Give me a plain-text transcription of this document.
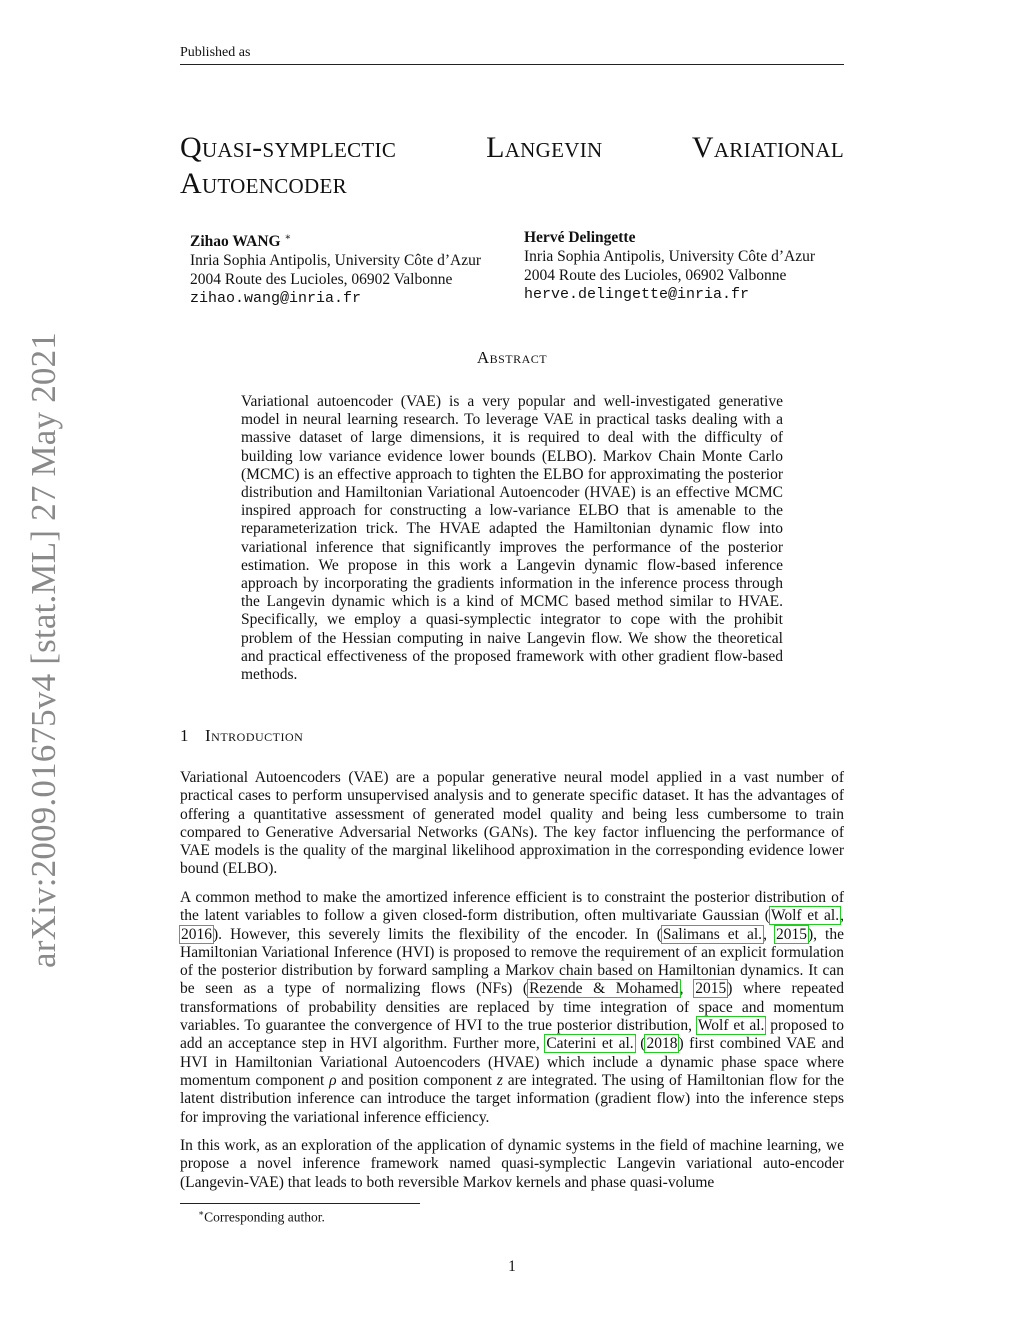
Published as
arXiv:2009.01675v4 [stat.ML] 27 May 2021
Quasi-symplectic Langevin Variational Autoencoder
Zihao WANG ∗
Inria Sophia Antipolis, University Côte d’Azur
2004 Route des Lucioles, 06902 Valbonne
zihao.wang@inria.fr
Hervé Delingette
Inria Sophia Antipolis, University Côte d’Azur
2004 Route des Lucioles, 06902 Valbonne
herve.delingette@inria.fr
Abstract

Variational autoencoder (VAE) is a very popular and well-investigated generative model in neural learning research. To leverage VAE in practical tasks dealing with a massive dataset of large dimensions, it is required to deal with the difficulty of building low variance evidence lower bounds (ELBO). Markov Chain Monte Carlo (MCMC) is an effective approach to tighten the ELBO for approximating the posterior distribution and Hamiltonian Variational Autoencoder (HVAE) is an effective MCMC inspired approach for constructing a low-variance ELBO that is amenable to the reparameterization trick. The HVAE adapted the Hamiltonian dynamic flow into variational inference that significantly improves the performance of the posterior estimation. We propose in this work a Langevin dynamic flow-based inference approach by incorporating the gradients information in the inference process through the Langevin dynamic which is a kind of MCMC based method similar to HVAE. Specifically, we employ a quasi-symplectic integrator to cope with the prohibit problem of the Hessian computing in naive Langevin flow. We show the theoretical and practical effectiveness of the proposed framework with other gradient flow-based methods.

1 Introduction

Variational Autoencoders (VAE) are a popular generative neural model applied in a vast number of practical cases to perform unsupervised analysis and to generate specific dataset. It has the advantages of offering a quantitative assessment of generated model quality and being less cumbersome to train compared to Generative Adversarial Networks (GANs). The key factor influencing the performance of VAE models is the quality of the marginal likelihood approximation in the corresponding evidence lower bound (ELBO).

A common method to make the amortized inference efficient is to constraint the posterior distribution of the latent variables to follow a given closed-form distribution, often multivariate Gaussian (Wolf et al., 2016). However, this severely limits the flexibility of the encoder. In (Salimans et al., 2015), the Hamiltonian Variational Inference (HVI) is proposed to remove the requirement of an explicit formulation of the posterior distribution by forward sampling a Markov chain based on Hamiltonian dynamics. It can be seen as a type of normalizing flows (NFs) (Rezende & Mohamed, 2015) where repeated transformations of probability densities are replaced by time integration of space and momentum variables. To guarantee the convergence of HVI to the true posterior distribution, Wolf et al. proposed to add an acceptance step in HVI algorithm. Further more, Caterini et al. (2018) first combined VAE and HVI in Hamiltonian Variational Autoencoders (HVAE) which include a dynamic phase space where momentum component ρ and position component z are integrated. The using of Hamiltonian flow for the latent distribution inference can introduce the target information (gradient flow) into the inference steps for improving the variational inference efficiency.

In this work, as an exploration of the application of dynamic systems in the field of machine learning, we propose a novel inference framework named quasi-symplectic Langevin variational auto-encoder (Langevin-VAE) that leads to both reversible Markov kernels and phase quasi-volume

∗Corresponding author.
1
